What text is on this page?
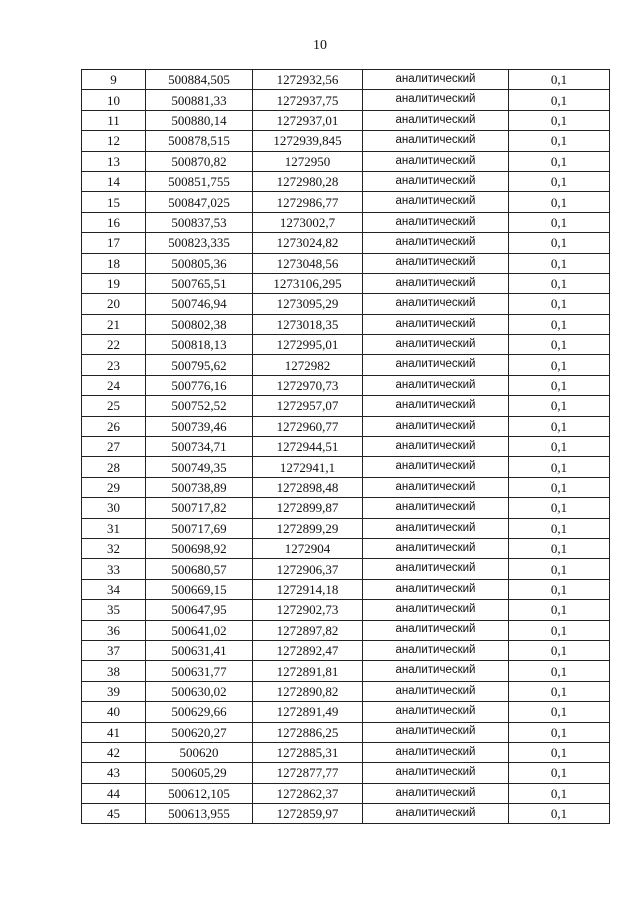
10
9	500884,505	1272932,56	аналитический	0,1
10	500881,33	1272937,75	аналитический	0,1
11	500880,14	1272937,01	аналитический	0,1
12	500878,515	1272939,845	аналитический	0,1
13	500870,82	1272950	аналитический	0,1
14	500851,755	1272980,28	аналитический	0,1
15	500847,025	1272986,77	аналитический	0,1
16	500837,53	1273002,7	аналитический	0,1
17	500823,335	1273024,82	аналитический	0,1
18	500805,36	1273048,56	аналитический	0,1
19	500765,51	1273106,295	аналитический	0,1
20	500746,94	1273095,29	аналитический	0,1
21	500802,38	1273018,35	аналитический	0,1
22	500818,13	1272995,01	аналитический	0,1
23	500795,62	1272982	аналитический	0,1
24	500776,16	1272970,73	аналитический	0,1
25	500752,52	1272957,07	аналитический	0,1
26	500739,46	1272960,77	аналитический	0,1
27	500734,71	1272944,51	аналитический	0,1
28	500749,35	1272941,1	аналитический	0,1
29	500738,89	1272898,48	аналитический	0,1
30	500717,82	1272899,87	аналитический	0,1
31	500717,69	1272899,29	аналитический	0,1
32	500698,92	1272904	аналитический	0,1
33	500680,57	1272906,37	аналитический	0,1
34	500669,15	1272914,18	аналитический	0,1
35	500647,95	1272902,73	аналитический	0,1
36	500641,02	1272897,82	аналитический	0,1
37	500631,41	1272892,47	аналитический	0,1
38	500631,77	1272891,81	аналитический	0,1
39	500630,02	1272890,82	аналитический	0,1
40	500629,66	1272891,49	аналитический	0,1
41	500620,27	1272886,25	аналитический	0,1
42	500620	1272885,31	аналитический	0,1
43	500605,29	1272877,77	аналитический	0,1
44	500612,105	1272862,37	аналитический	0,1
45	500613,955	1272859,97	аналитический	0,1
